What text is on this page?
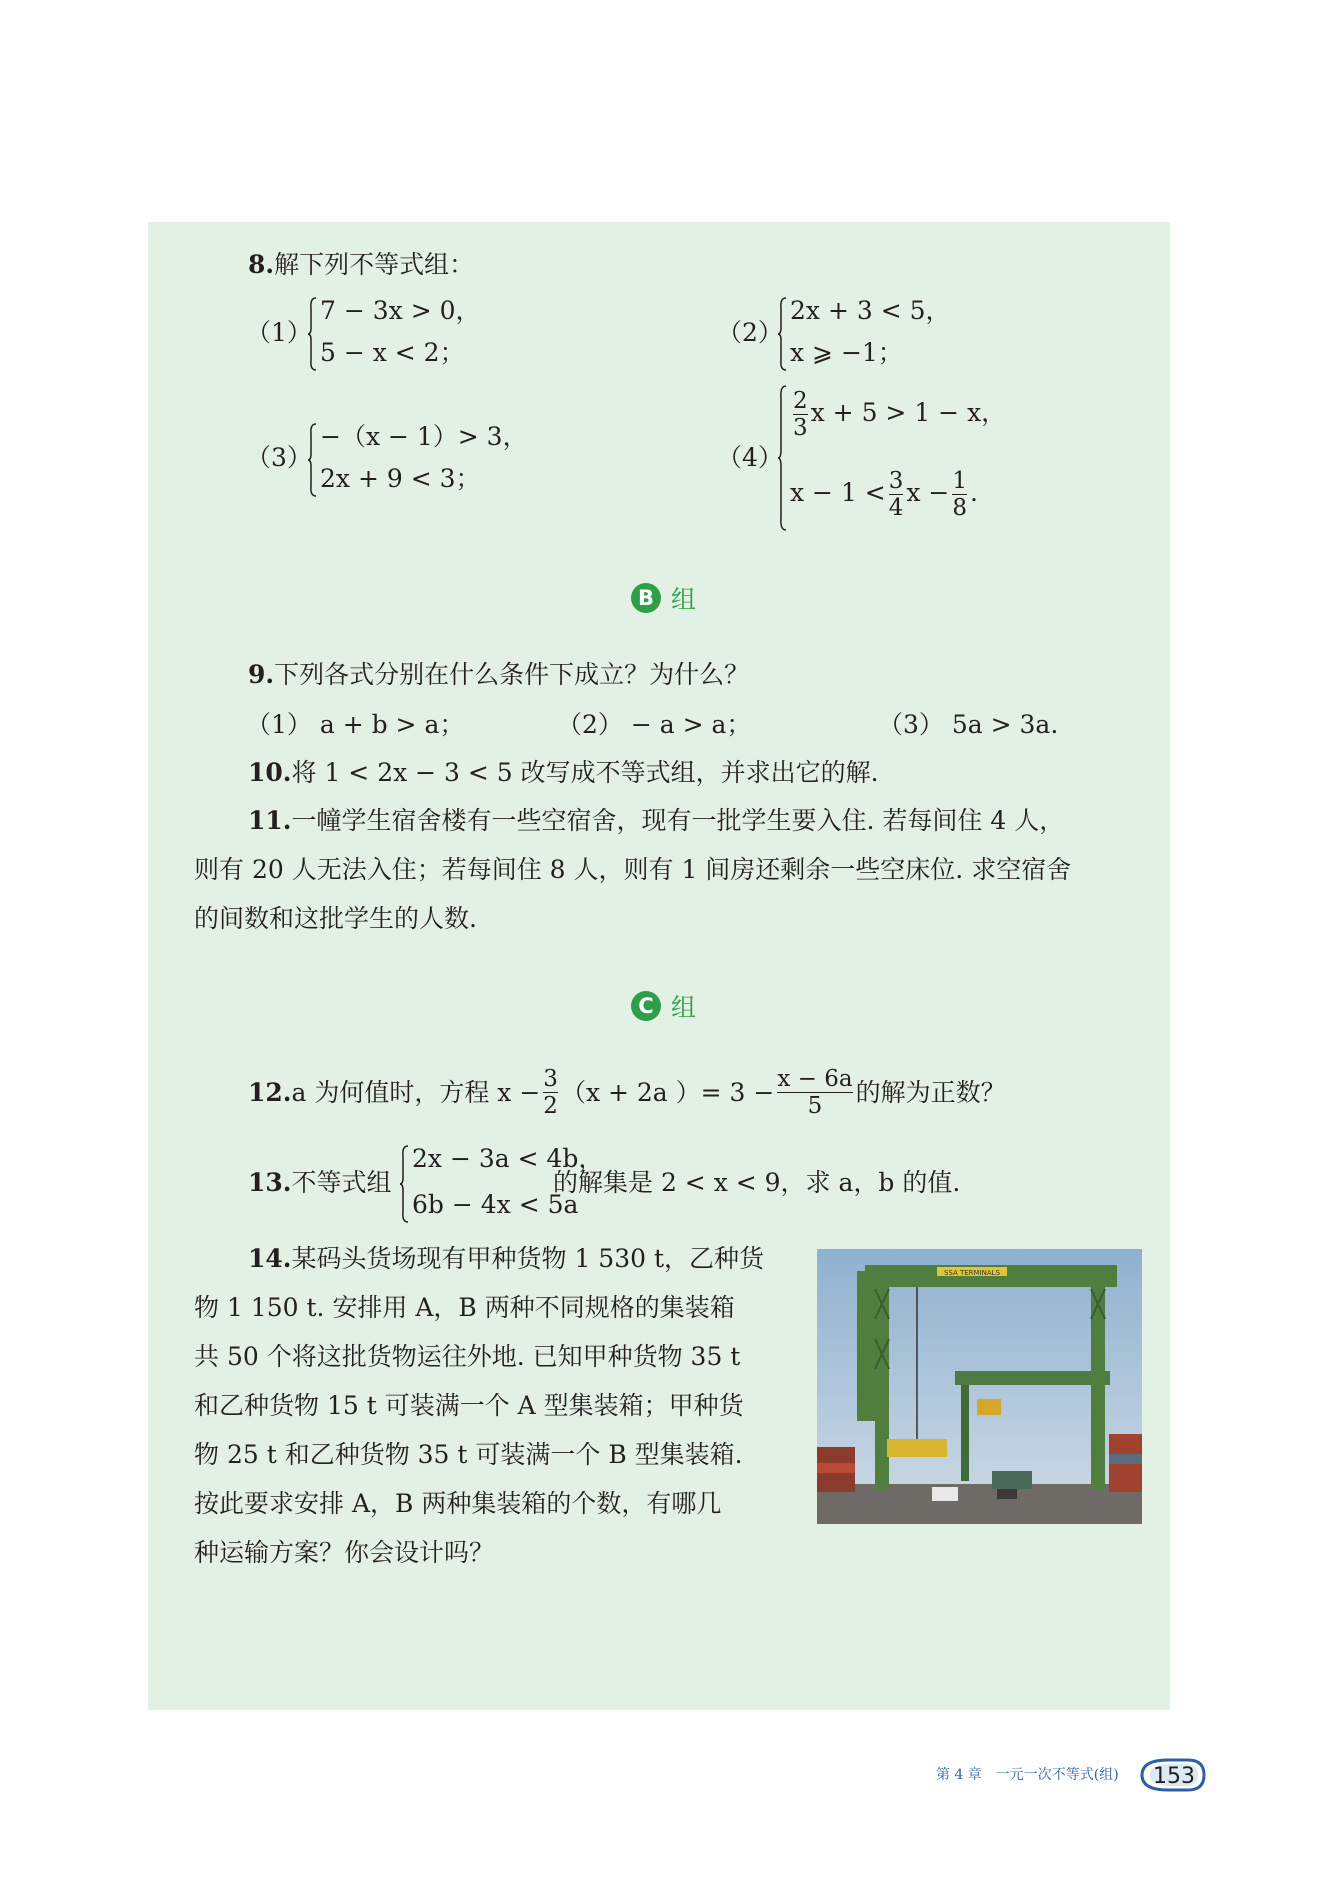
8.解下列不等式组：
（1）
7 − 3x > 0，
5 − x < 2；
（2）
2x + 3 < 5，
x ⩾ −1；
（3）
−（x − 1）> 3，
2x + 9 < 3；
（4）
$\frac{2}{3}$ x + 5 > 1 − x，
$x - 1 < \frac{3}{4}$ $x - \frac{1}{8}$ .
B 组
9.下列各式分别在什么条件下成立？为什么？
（1） a + b > a；	（2） − a > a；	（3） 5a > 3a.
10.将 1 < 2x − 3 < 5 改写成不等式组，并求出它的解.
11.一幢学生宿舍楼有一些空宿舍，现有一批学生要入住. 若每间住 4 人，
则有 20 人无法入住；若每间住 8 人，则有 1 间房还剩余一些空床位. 求空宿舍
的间数和这批学生的人数.
C 组
12. a 为何值时，方程 $x - \frac{3}{2} (x + 2a$ ）= $3 - \frac{x - 6a}{5}$ 的解为正数？
13.不等式组
2x − 3a < 4b，
6b − 4x < 5a
的解集是 2 < x < 9，求 a，b 的值.
14.某码头货场现有甲种货物 1 530 t，乙种货
物 1 150 t. 安排用 A，B 两种不同规格的集装箱
共 50 个将这批货物运往外地. 已知甲种货物 35 t
和乙种货物 15 t 可装满一个 A 型集装箱；甲种货
物 25 t 和乙种货物 35 t 可装满一个 B 型集装箱.
按此要求安排 A，B 两种集装箱的个数，有哪几
种运输方案？你会设计吗？
SSA TERMINALS
第 4 章　一元一次不等式(组) 153
